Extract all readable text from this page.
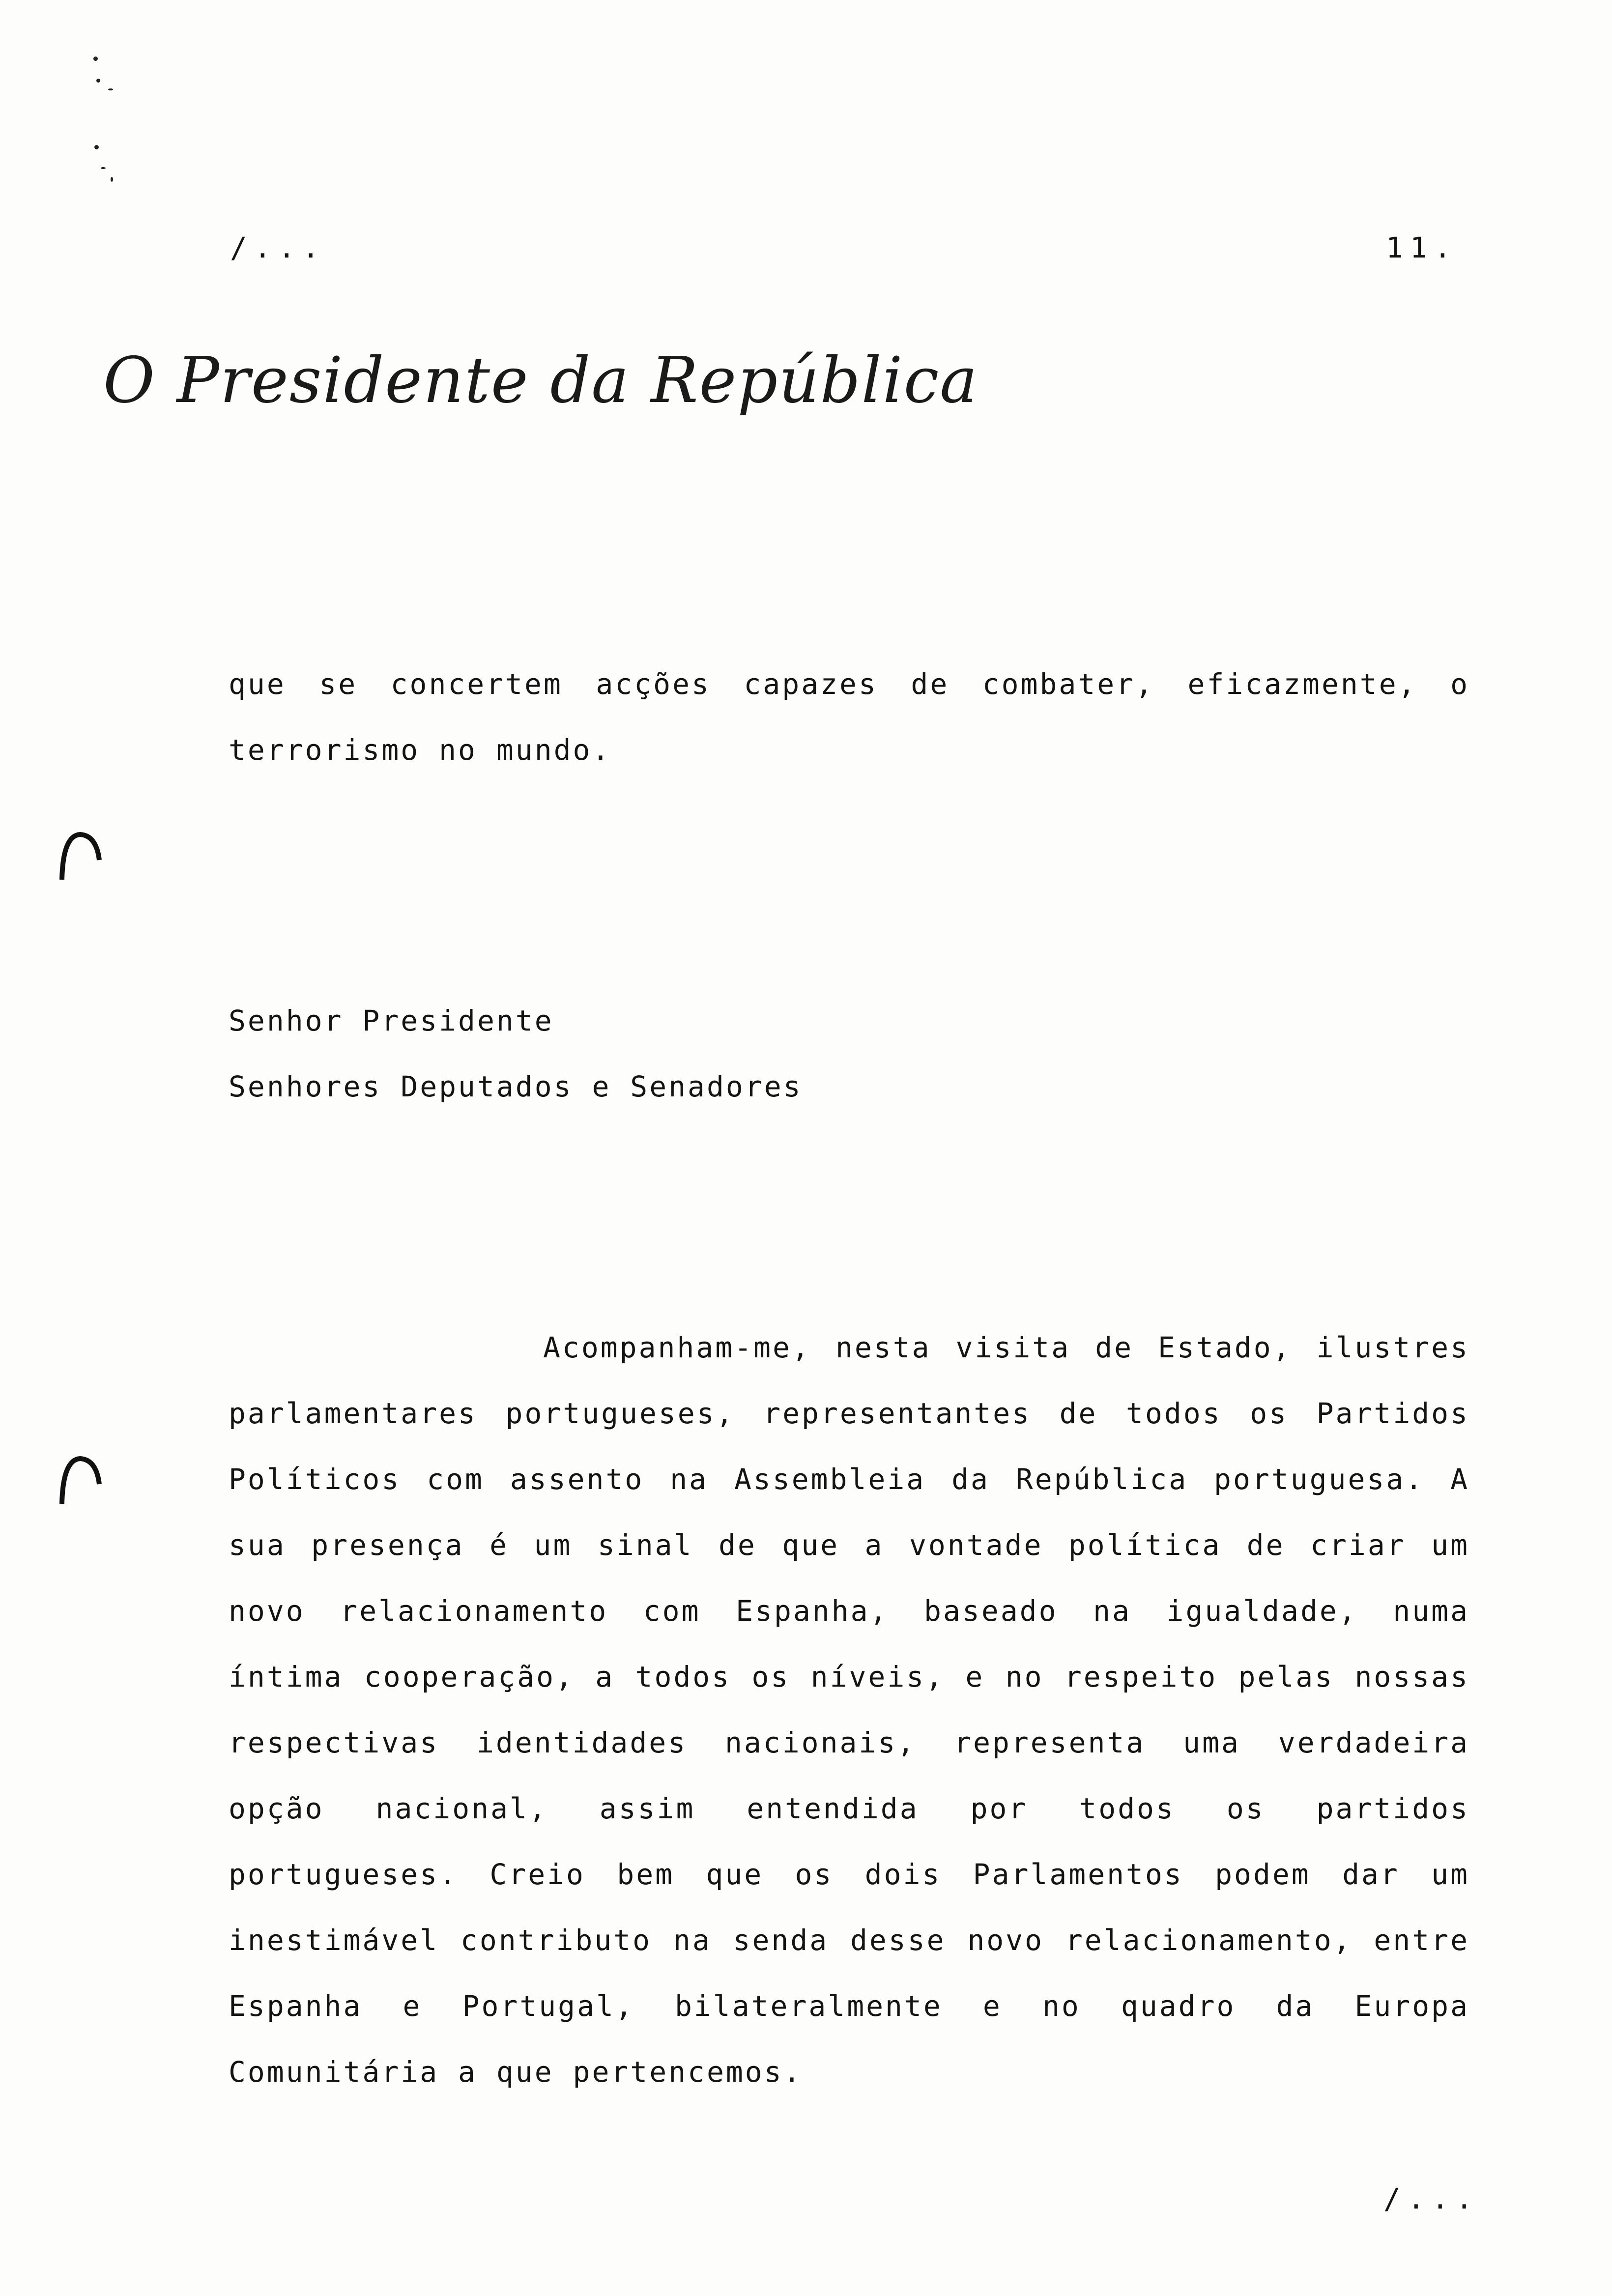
/...	11.
O Presidente da República
que se concertem acções capazes de combater, eficazmente, o terrorismo no mundo.
Senhor Presidente
Senhores Deputados e Senadores
Acompanham-me, nesta visita de Estado, ilustres parlamentares portugueses, representantes de todos os Partidos Políticos com assento na Assembleia da República portuguesa. A sua presença é um sinal de que a vontade política de criar um novo relacionamento com Espanha, baseado na igualdade, numa íntima cooperação, a todos os níveis, e no respeito pelas nossas respectivas identidades nacionais, representa uma verdadeira opção nacional, assim entendida por todos os partidos portugueses. Creio bem que os dois Parlamentos podem dar um inestimável contributo na senda desse novo relacionamento, entre Espanha e Portugal, bilateralmente e no quadro da Europa Comunitária a que pertencemos.
/...
